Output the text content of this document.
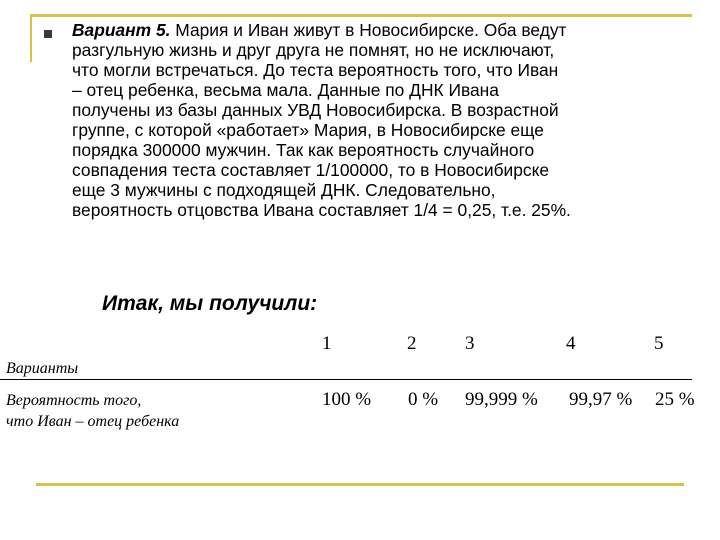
Вариант 5. Мария и Иван живут в Новосибирске. Оба ведут
разгульную жизнь и друг друга не помнят, но не исключают,
что могли встречаться. До теста вероятность того, что Иван
– отец ребенка, весьма мала. Данные по ДНК Ивана
получены из базы данных УВД Новосибирска. В возрастной
группе, с которой «работает» Мария, в Новосибирске еще
порядка 300000 мужчин. Так как вероятность случайного
совпадения теста составляет 1/100000, то в Новосибирске
еще 3 мужчины с подходящей ДНК. Следовательно,
вероятность отцовства Ивана составляет 1/4 = 0,25, т.е. 25%.

Итак, мы получили:

1	2	3	4	5
Варианты
Вероятность того,
что Иван – отец ребенка
100 % 0 % 99,999 % 99,97 % 25 %
